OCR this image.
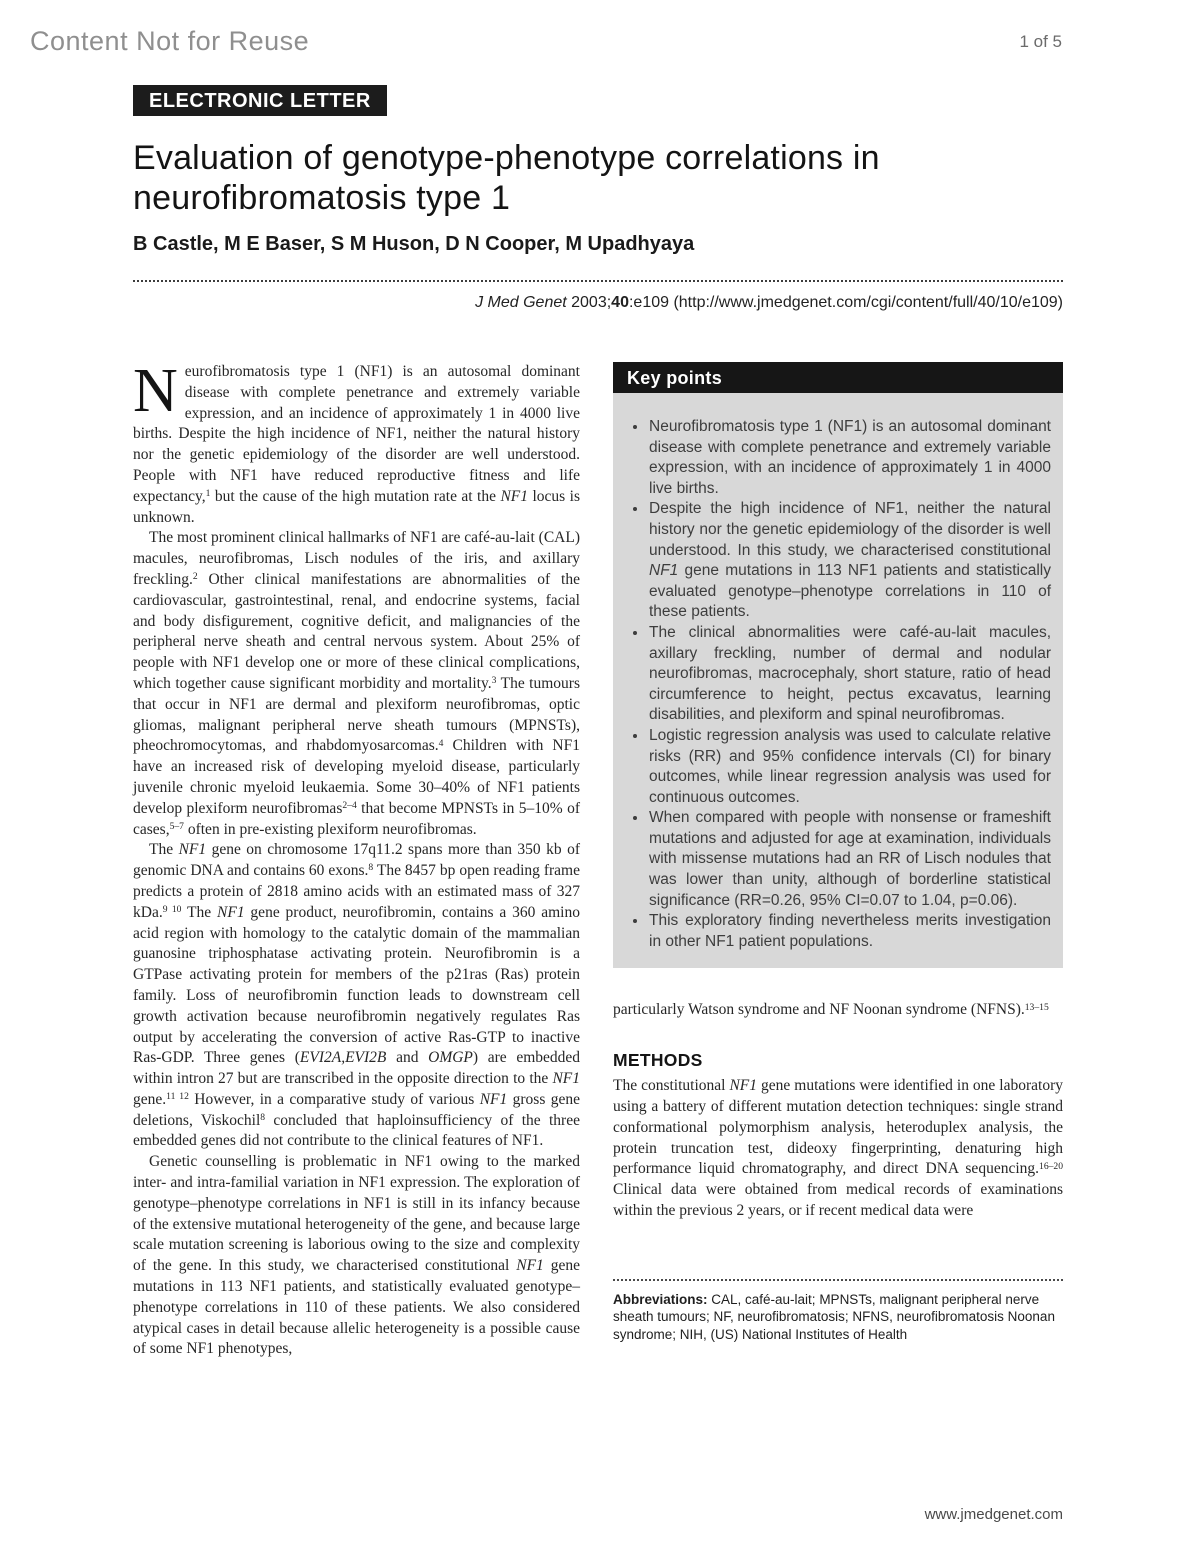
Content Not for Reuse	1 of 5
ELECTRONIC LETTER
Evaluation of genotype-phenotype correlations in neurofibromatosis type 1
B Castle, M E Baser, S M Huson, D N Cooper, M Upadhyaya
J Med Genet 2003;40:e109 (http://www.jmedgenet.com/cgi/content/full/40/10/e109)

Neurofibromatosis type 1 (NF1) is an autosomal dominant disease with complete penetrance and extremely variable expression, and an incidence of approximately 1 in 4000 live births. Despite the high incidence of NF1, neither the natural history nor the genetic epidemiology of the disorder are well understood. People with NF1 have reduced reproductive fitness and life expectancy,$^1$ but the cause of the high mutation rate at the NF1 locus is unknown.

The most prominent clinical hallmarks of NF1 are café-au-lait (CAL) macules, neurofibromas, Lisch nodules of the iris, and axillary freckling.$^2$ Other clinical manifestations are abnormalities of the cardiovascular, gastrointestinal, renal, and endocrine systems, facial and body disfigurement, cognitive deficit, and malignancies of the peripheral nerve sheath and central nervous system. About 25% of people with NF1 develop one or more of these clinical complications, which together cause significant morbidity and mortality.$^3$ The tumours that occur in NF1 are dermal and plexiform neurofibromas, optic gliomas, malignant peripheral nerve sheath tumours (MPNSTs), pheochromocytomas, and rhabdomyosarcomas.$^4$ Children with NF1 have an increased risk of developing myeloid disease, particularly juvenile chronic myeloid leukaemia. Some 30–40% of NF1 patients develop plexiform neurofibromas$^{2-4}$ that become MPNSTs in 5–10% of cases,$^{5-7}$ often in pre-existing plexiform neurofibromas.

The NF1 gene on chromosome 17q11.2 spans more than 350 kb of genomic DNA and contains 60 exons.$^8$ The 8457 bp open reading frame predicts a protein of 2818 amino acids with an estimated mass of 327 kDa.$^{9 10}$ The NF1 gene product, neurofibromin, contains a 360 amino acid region with homology to the catalytic domain of the mammalian guanosine triphosphatase activating protein. Neurofibromin is a GTPase activating protein for members of the p21ras (Ras) protein family. Loss of neurofibromin function leads to downstream cell growth activation because neurofibromin negatively regulates Ras output by accelerating the conversion of active Ras-GTP to inactive Ras-GDP. Three genes (EVI2A,EVI2B and OMGP) are embedded within intron 27 but are transcribed in the opposite direction to the NF1 gene.$^{11 12}$ However, in a comparative study of various NF1 gross gene deletions, Viskochil$^8$ concluded that haploinsufficiency of the three embedded genes did not contribute to the clinical features of NF1.

Genetic counselling is problematic in NF1 owing to the marked inter- and intra-familial variation in NF1 expression. The exploration of genotype–phenotype correlations in NF1 is still in its infancy because of the extensive mutational heterogeneity of the gene, and because large scale mutation screening is laborious owing to the size and complexity of the gene. In this study, we characterised constitutional NF1 gene mutations in 113 NF1 patients, and statistically evaluated genotype–phenotype correlations in 110 of these patients. We also considered atypical cases in detail because allelic heterogeneity is a possible cause of some NF1 phenotypes,

Key points
• Neurofibromatosis type 1 (NF1) is an autosomal dominant disease with complete penetrance and extremely variable expression, with an incidence of approximately 1 in 4000 live births.
• Despite the high incidence of NF1, neither the natural history nor the genetic epidemiology of the disorder is well understood. In this study, we characterised constitutional NF1 gene mutations in 113 NF1 patients and statistically evaluated genotype–phenotype correlations in 110 of these patients.
• The clinical abnormalities were café-au-lait macules, axillary freckling, number of dermal and nodular neurofibromas, macrocephaly, short stature, ratio of head circumference to height, pectus excavatus, learning disabilities, and plexiform and spinal neurofibromas.
• Logistic regression analysis was used to calculate relative risks (RR) and 95% confidence intervals (CI) for binary outcomes, while linear regression analysis was used for continuous outcomes.
• When compared with people with nonsense or frameshift mutations and adjusted for age at examination, individuals with missense mutations had an RR of Lisch nodules that was lower than unity, although of borderline statistical significance (RR=0.26, 95% CI=0.07 to 1.04, p=0.06).
• This exploratory finding nevertheless merits investigation in other NF1 patient populations.

particularly Watson syndrome and NF Noonan syndrome (NFNS).$^{13-15}$

METHODS

The constitutional NF1 gene mutations were identified in one laboratory using a battery of different mutation detection techniques: single strand conformational polymorphism analysis, heteroduplex analysis, the protein truncation test, dideoxy fingerprinting, denaturing high performance liquid chromatography, and direct DNA sequencing.$^{16-20}$ Clinical data were obtained from medical records of examinations within the previous 2 years, or if recent medical data were

Abbreviations: CAL, café-au-lait; MPNSTs, malignant peripheral nerve sheath tumours; NF, neurofibromatosis; NFNS, neurofibromatosis Noonan syndrome; NIH, (US) National Institutes of Health
www.jmedgenet.com
